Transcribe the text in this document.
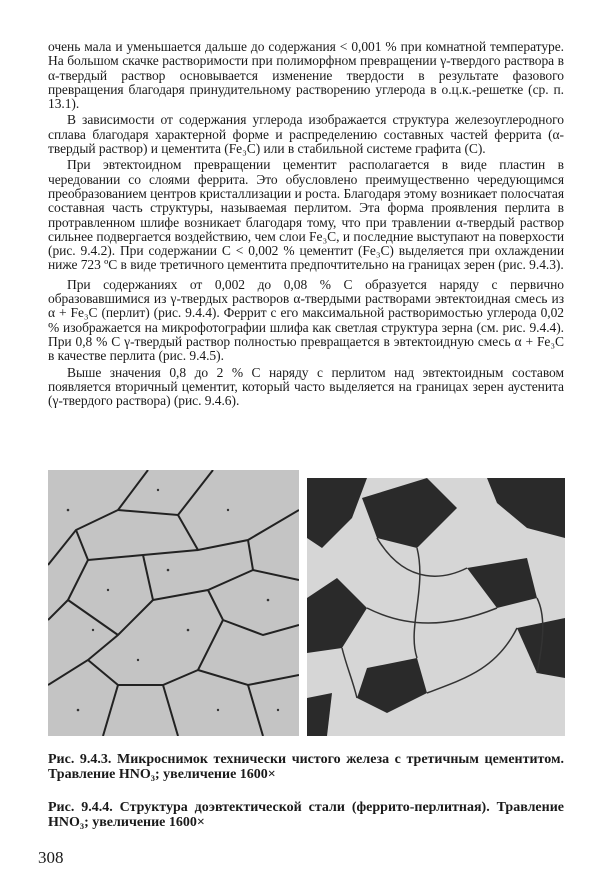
очень мала и уменьшается дальше до содержания < 0,001 % при комнатной температуре. На большом скачке растворимости при полиморфном превращении γ-твердого раствора в α-твердый раствор основывается изменение твердости в результате фазового превращения благодаря принудительному растворению углерода в о.ц.к.-решетке (ср. п. 13.1).

В зависимости от содержания углерода изображается структура железоуглеродного сплава благодаря характерной форме и распределению составных частей феррита (α-твердый раствор) и цементита (Fe₃C) или в стабильной системе графита (С).

При эвтектоидном превращении цементит располагается в виде пластин в чередовании со слоями феррита. Это обусловлено преимущественно чередующимся преобразованием центров кристаллизации и роста. Благодаря этому возникает полосчатая составная часть структуры, называемая перлитом. Эта форма проявления перлита в протравленном шлифе возникает благодаря тому, что при травлении α-твердый раствор сильнее подвергается воздействию, чем слои Fe₃C, и последние выступают на поверхости (рис. 9.4.2). При содержании С < 0,002 % цементит (Fe₃C) выделяется при охлаждении ниже 723 ºС в виде третичного цементита предпочтительно на границах зерен (рис. 9.4.3).

При содержаниях от 0,002 до 0,08 % С образуется наряду с первично образовавшимися из γ-твердых растворов α-твердыми растворами эвтектоидная смесь из α + Fe₃C (перлит) (рис. 9.4.4). Феррит с его максимальной растворимостью углерода 0,02 % изображается на микрофотографии шлифа как светлая структура зерна (см. рис. 9.4.4). При 0,8 % С γ-твердый раствор полностью превращается в эвтектоидную смесь α + Fe₃C в качестве перлита (рис. 9.4.5).

Выше значения 0,8 до 2 % С наряду с перлитом над эвтектоидным составом появляется вторичный цементит, который часто выделяется на границах зерен аустенита (γ-твердого раствора) (рис. 9.4.6).

Рис. 9.4.3. Микроснимок технически чистого железа с третичным цементитом. Травление HNO₃; увеличение 1600×
Рис. 9.4.4. Структура доэвтектической стали (феррито-перлитная). Травление HNO₃; увеличение 1600×
308
